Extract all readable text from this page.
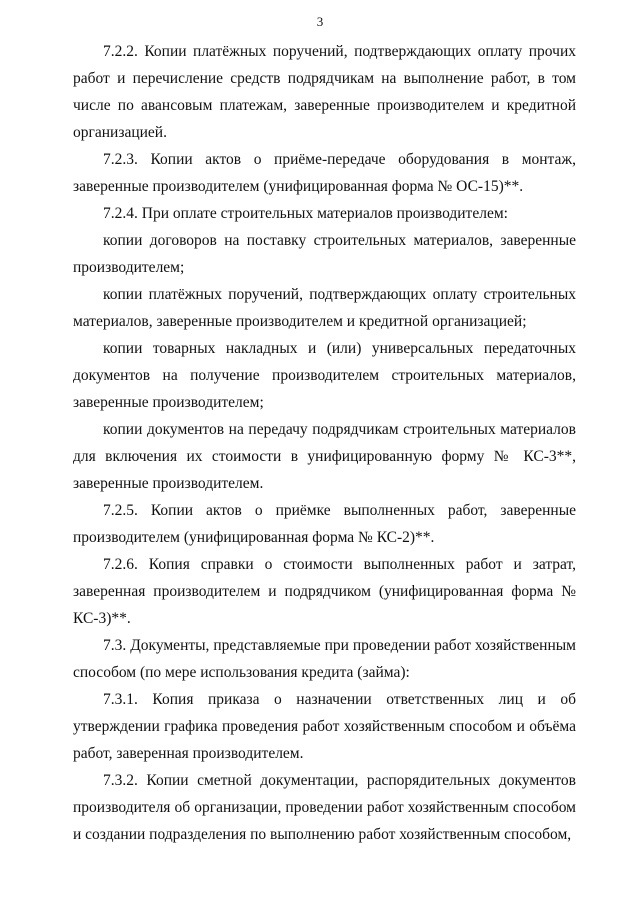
3

7.2.2. Копии платёжных поручений, подтверждающих оплату прочих работ и перечисление средств подрядчикам на выполнение работ, в том числе по авансовым платежам, заверенные производителем и кредитной организацией.

7.2.3. Копии актов о приёме-передаче оборудования в монтаж, заверенные производителем (унифицированная форма № ОС-15)**.

7.2.4. При оплате строительных материалов производителем:

копии договоров на поставку строительных материалов, заверенные производителем;

копии платёжных поручений, подтверждающих оплату строительных материалов, заверенные производителем и кредитной организацией;

копии товарных накладных и (или) универсальных передаточных документов на получение производителем строительных материалов, заверенные производителем;

копии документов на передачу подрядчикам строительных материалов для включения их стоимости в унифицированную форму № КС-3**, заверенные производителем.

7.2.5. Копии актов о приёмке выполненных работ, заверенные производителем (унифицированная форма № КС-2)**.

7.2.6. Копия справки о стоимости выполненных работ и затрат, заверенная производителем и подрядчиком (унифицированная форма № КС-3)**.

7.3. Документы, представляемые при проведении работ хозяйственным способом (по мере использования кредита (займа):

7.3.1. Копия приказа о назначении ответственных лиц и об утверждении графика проведения работ хозяйственным способом и объёма работ, заверенная производителем.

7.3.2. Копии сметной документации, распорядительных документов производителя об организации, проведении работ хозяйственным способом и создании подразделения по выполнению работ хозяйственным способом,
